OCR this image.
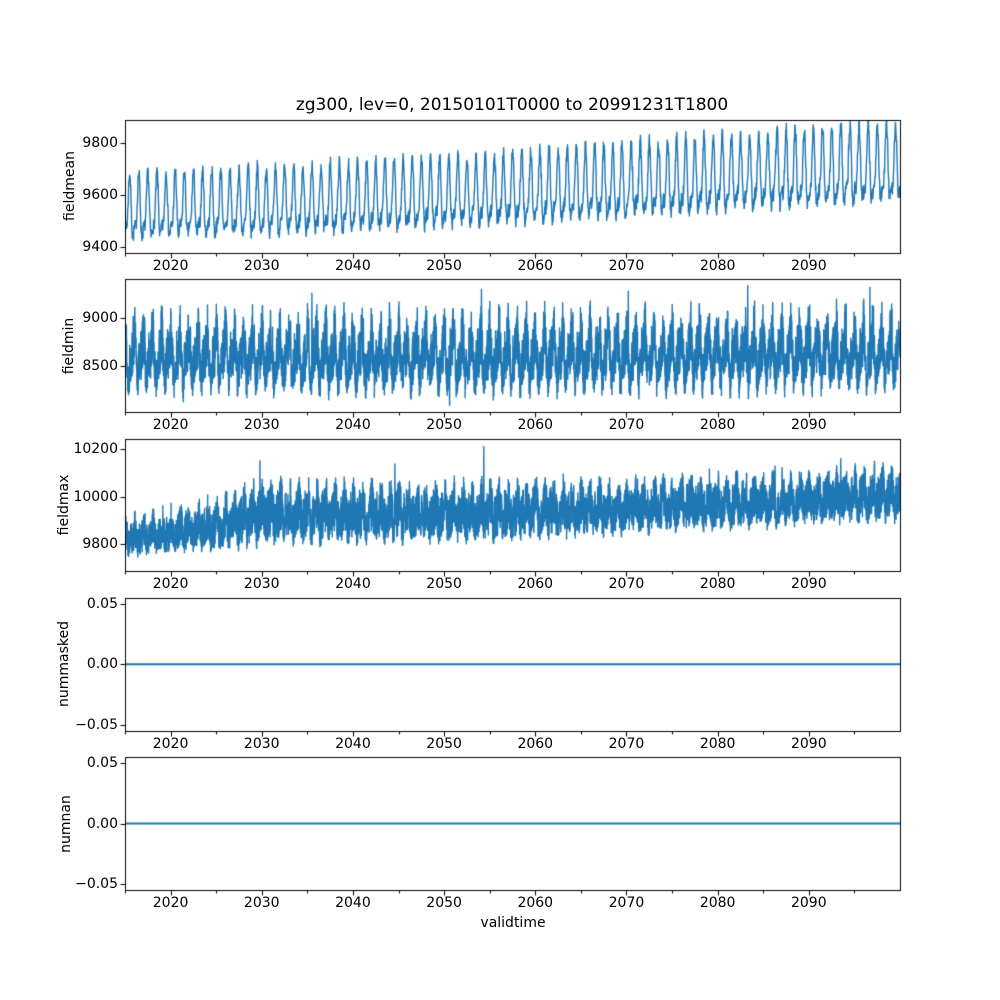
zg300, lev=0, 20150101T0000 to 20991231T1800
fieldmean
fieldmin
fieldmax
nummasked
numnan
validtime
2020	2030	2040	2050	2060	2070	2080	2090
9400
9600
9800
2020	2030	2040	2050	2060	2070	2080	2090
8500
9000
2020	2030	2040	2050	2060	2070	2080	2090
9800
10000
10200
2020	2030	2040	2050	2060	2070	2080	2090
−0.05
0.00
0.05
2020	2030	2040	2050	2060	2070	2080	2090
−0.05
0.00
0.05
